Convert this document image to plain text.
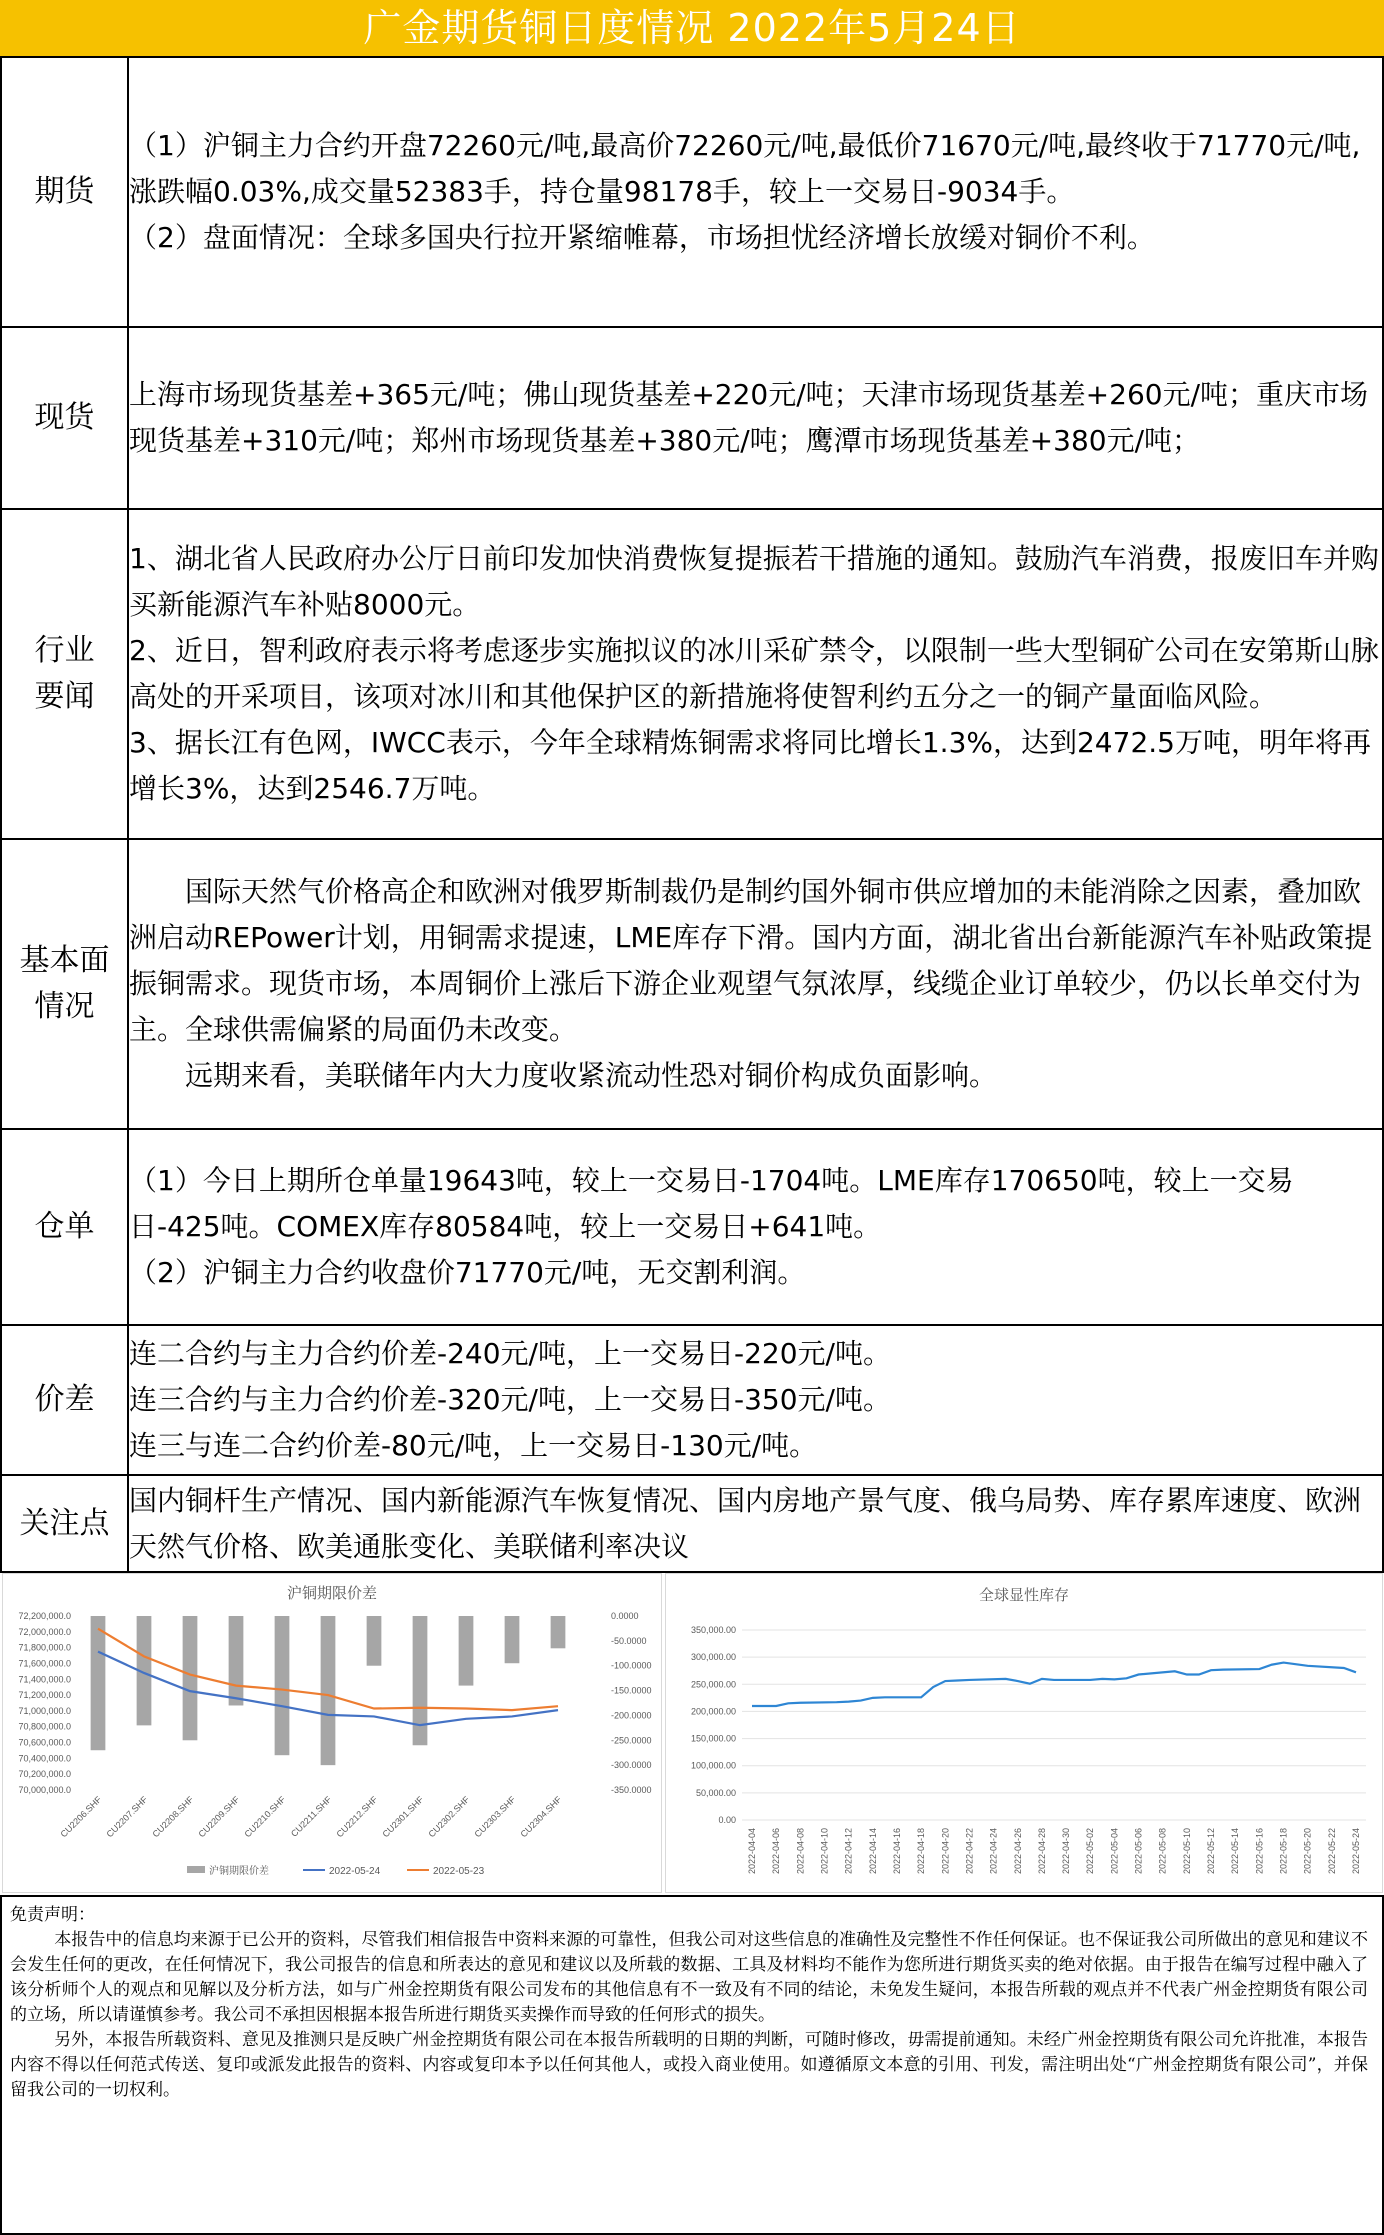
广金期货铜日度情况 2022年5月24日
期货	（1）沪铜主力合约开盘72260元/吨,最高价72260元/吨,最低价71670元/吨,最终收于71770元/吨,涨跌幅0.03%,成交量52383手，持仓量98178手，较上一交易日-9034手。

（2）盘面情况：全球多国央行拉开紧缩帷幕，市场担忧经济增长放缓对铜价不利。

现货	上海市场现货基差+365元/吨；佛山现货基差+220元/吨；天津市场现货基差+260元/吨；重庆市场现货基差+310元/吨；郑州市场现货基差+380元/吨；鹰潭市场现货基差+380元/吨；

行业要闻	1、湖北省人民政府办公厅日前印发加快消费恢复提振若干措施的通知。鼓励汽车消费，报废旧车并购买新能源汽车补贴8000元。

2、近日，智利政府表示将考虑逐步实施拟议的冰川采矿禁令，以限制一些大型铜矿公司在安第斯山脉高处的开采项目，该项对冰川和其他保护区的新措施将使智利约五分之一的铜产量面临风险。

3、据长江有色网，IWCC表示，今年全球精炼铜需求将同比增长1.3%，达到2472.5万吨，明年将再增长3%，达到2546.7万吨。

基本面情况	国际天然气价格高企和欧洲对俄罗斯制裁仍是制约国外铜市供应增加的未能消除之因素，叠加欧洲启动REPower计划，用铜需求提速，LME库存下滑。国内方面，湖北省出台新能源汽车补贴政策提振铜需求。现货市场，本周铜价上涨后下游企业观望气氛浓厚，线缆企业订单较少，仍以长单交付为主。全球供需偏紧的局面仍未改变。

远期来看，美联储年内大力度收紧流动性恐对铜价构成负面影响。

仓单	（1）今日上期所仓单量19643吨，较上一交易日-1704吨。LME库存170650吨，较上一交易日-425吨。COMEX库存80584吨，较上一交易日+641吨。

（2）沪铜主力合约收盘价71770元/吨，无交割利润。

价差	连二合约与主力合约价差-240元/吨，上一交易日-220元/吨。

连三合约与主力合约价差-320元/吨，上一交易日-350元/吨。

连三与连二合约价差-80元/吨，上一交易日-130元/吨。

关注点	国内铜杆生产情况、国内新能源汽车恢复情况、国内房地产景气度、俄乌局势、库存累库速度、欧洲天然气价格、欧美通胀变化、美联储利率决议

沪铜期限价差
72,200,000.0
72,000,000.0
71,800,000.0
71,600,000.0
71,400,000.0
71,200,000.0
71,000,000.0
70,800,000.0
70,600,000.0
70,400,000.0
70,200,000.0
70,000,000.0
0.0000
-50.0000
-100.0000
-150.0000
-200.0000
-250.0000
-300.0000
-350.0000
CU2206.SHF CU2207.SHF CU2208.SHF CU2209.SHF CU2210.SHF CU2211.SHF CU2212.SHF CU2301.SHF CU2302.SHF CU2303.SHF CU2304.SHF
沪铜期限价差	2022-05-24	2022-05-23
全球显性库存
350,000.00
300,000.00
250,000.00
200,000.00
150,000.00
100,000.00
50,000.00
0.00
2022-04-04 2022-04-06 2022-04-08 2022-04-10 2022-04-12 2022-04-14 2022-04-16 2022-04-18 2022-04-20 2022-04-22 2022-04-24 2022-04-26 2022-04-28 2022-04-30 2022-05-02 2022-05-04 2022-05-06 2022-05-08 2022-05-10 2022-05-12 2022-05-14 2022-05-16 2022-05-18 2022-05-20 2022-05-22 2022-05-24
免责声明：

本报告中的信息均来源于已公开的资料，尽管我们相信报告中资料来源的可靠性，但我公司对这些信息的准确性及完整性不作任何保证。也不保证我公司所做出的意见和建议不会发生任何的更改，在任何情况下，我公司报告的信息和所表达的意见和建议以及所载的数据、工具及材料均不能作为您所进行期货买卖的绝对依据。由于报告在编写过程中融入了该分析师个人的观点和见解以及分析方法，如与广州金控期货有限公司发布的其他信息有不一致及有不同的结论，未免发生疑问，本报告所载的观点并不代表广州金控期货有限公司的立场，所以请谨慎参考。我公司不承担因根据本报告所进行期货买卖操作而导致的任何形式的损失。

另外，本报告所载资料、意见及推测只是反映广州金控期货有限公司在本报告所载明的日期的判断，可随时修改，毋需提前通知。未经广州金控期货有限公司允许批准，本报告内容不得以任何范式传送、复印或派发此报告的资料、内容或复印本予以任何其他人，或投入商业使用。如遵循原文本意的引用、刊发，需注明出处“广州金控期货有限公司”，并保留我公司的一切权利。
